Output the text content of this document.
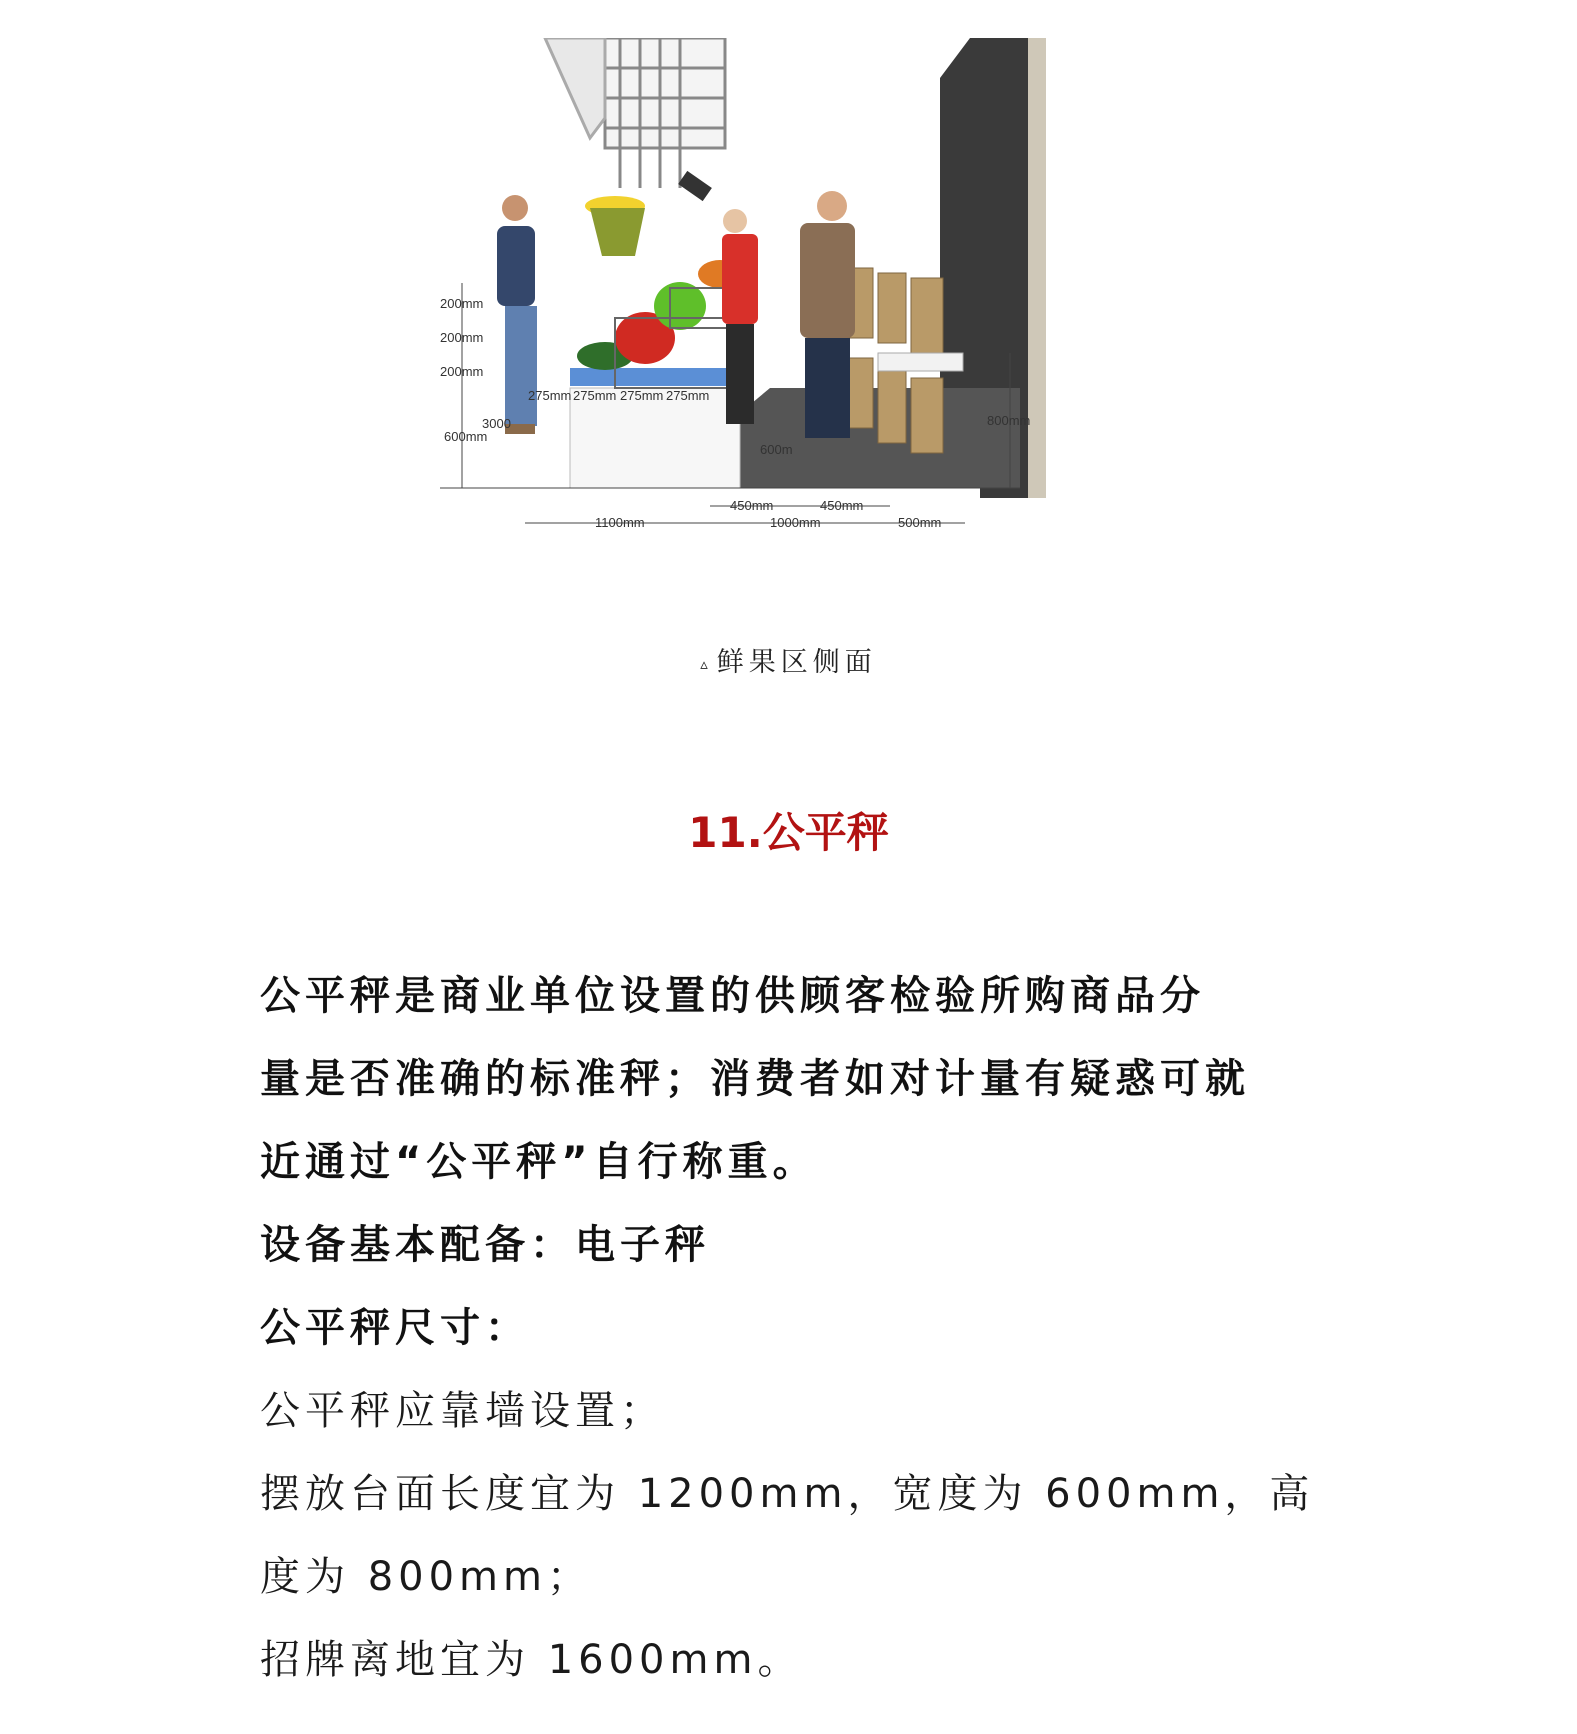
200mm
200mm
200mm
3000
600mm
275mm 275mm 275mm 275mm
600m
800mm
450mm	450mm
1100mm	1000mm	500mm
▵ 鲜果区侧面
11.公平秤

公平秤是商业单位设置的供顾客检验所购商品分

量是否准确的标准秤；消费者如对计量有疑惑可就

近通过“公平秤”自行称重。

设备基本配备：电子秤

公平秤尺寸：

公平秤应靠墙设置；

摆放台面长度宜为 1200mm，宽度为 600mm，高

度为 800mm；

招牌离地宜为 1600mm。
